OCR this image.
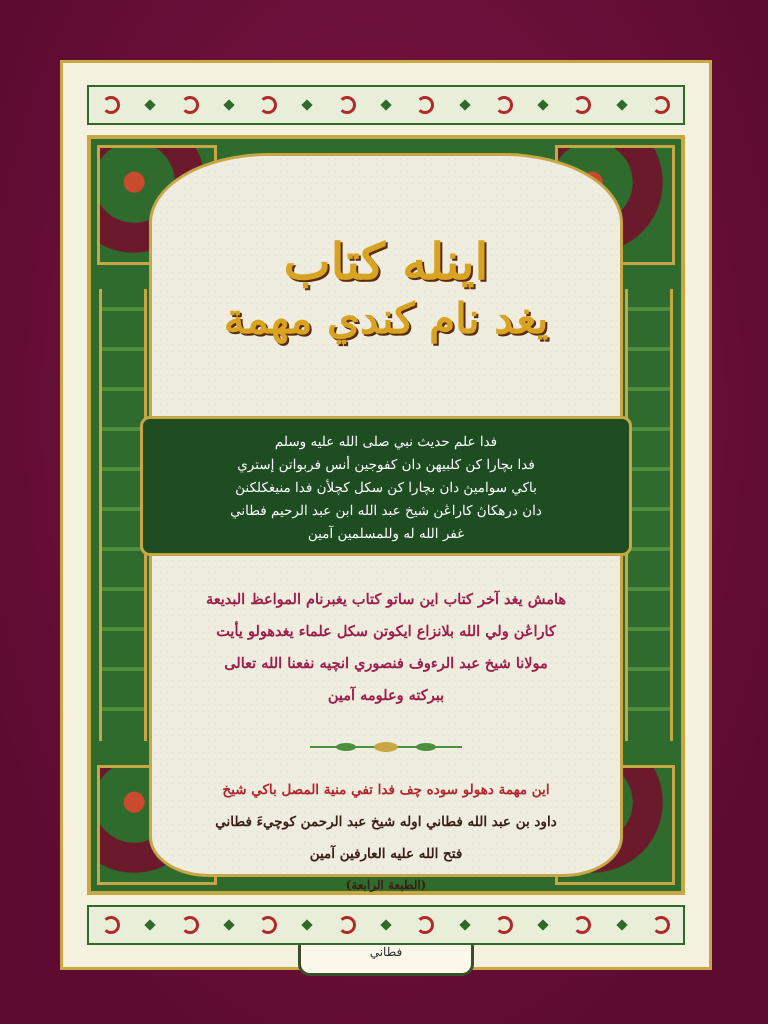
اينله كتاب
يغد نام كندي مهمة
فدا علم حديث نبي صلى الله عليه وسلم
فدا بچارا كن كلبيهن دان كفوجين أنس فربواتن إستري
باكي سواميڽ دان بچارا كن سكل كچلأن فدا منيغكلكنڽ
دان درهكاڽ كاراڠن شيخ عبد الله ابن عبد الرحيم فطاني
غفر الله له وللمسلمين آمين
هامش يغد آخر كتاب اين ساتو كتاب يغبرنام المواعظ البديعة
كاراڠن ولي الله بلانزاع ايكوتن سكل علماء يغدهولو يأيت
مولانا شيخ عبد الرءوف فنصوري انچيه نفعنا الله تعالى
ببركته وعلومه آمين
اين مهمة دهولو سوده چف فدا تفي منية المصل باكي شيخ
داود بن عبد الله فطاني اوله شيخ عبد الرحمن كوچيءَ فطاني
فتح الله عليه العارفين آمين
(الطبعة الرابعة)
فطاني
